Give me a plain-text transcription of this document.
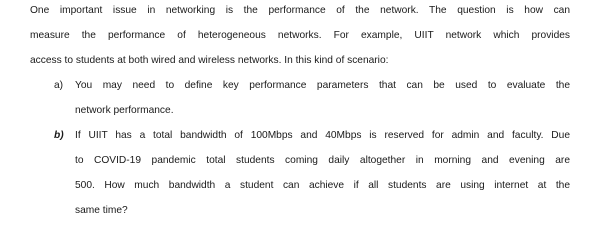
One important issue in networking is the performance of the network. The question is how can
measure the performance of heterogeneous networks. For example, UIIT network which provides
access to students at both wired and wireless networks. In this kind of scenario:
a) You may need to define key performance parameters that can be used to evaluate the
network performance.
b) If UIIT has a total bandwidth of 100Mbps and 40Mbps is reserved for admin and faculty. Due
to COVID-19 pandemic total students coming daily altogether in morning and evening are
500. How much bandwidth a student can achieve if all students are using internet at the
same time?
